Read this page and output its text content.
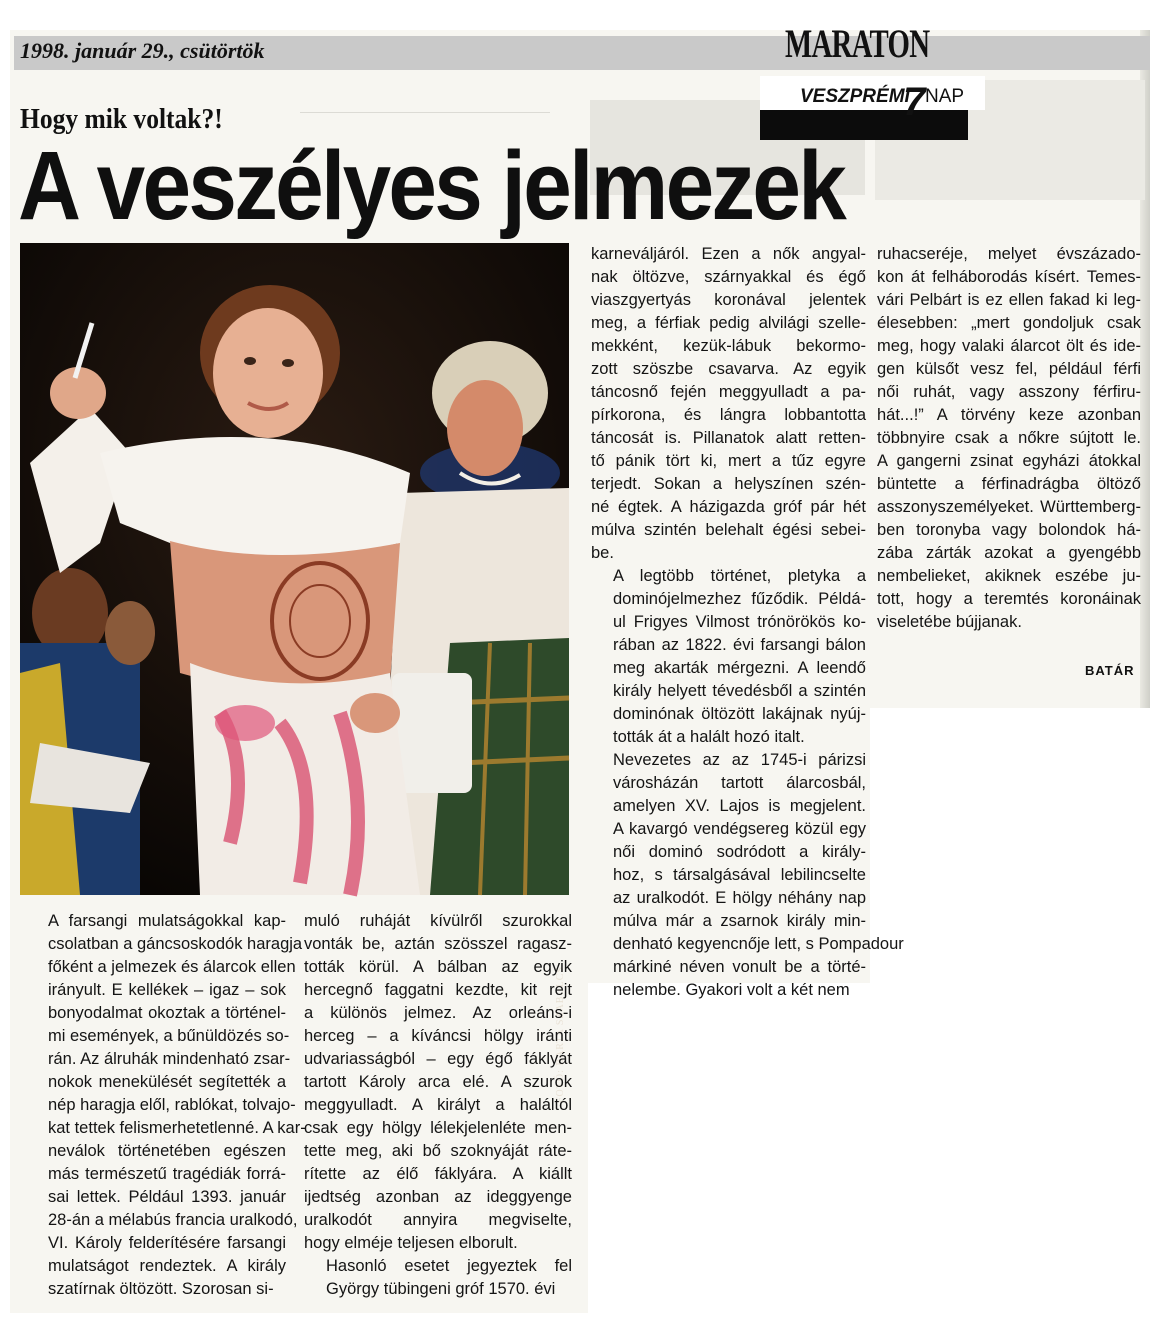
1998. január 29., csütörtök	MARATON
VESZPRÉMI
7 NAP
Hogy mik voltak?!
A veszélyes jelmezek
FOTÓ: BARTA SZABOLCS

A farsangi mulatságokkal kap-
csolatban a gáncsoskodók haragja
főként a jelmezek és álarcok ellen
irányult. E kellékek – igaz – sok
bonyodalmat okoztak a történel-
mi események, a bűnüldözés so-
rán. Az álruhák mindenható zsar-
nokok menekülését segítették a
nép haragja elől, rablókat, tolvajo-
kat tettek felismerhetetlenné. A kar-
neválok történetében egészen
más természetű tragédiák forrá-
sai lettek. Például 1393. január
28-án a mélabús francia uralkodó,
VI. Károly felderítésére farsangi
mulatságot rendeztek. A király
szatírnak öltözött. Szorosan si-

muló ruháját kívülről szurokkal
vonták be, aztán szösszel ragasz-
tották körül. A bálban az egyik
hercegnő faggatni kezdte, kit rejt
a különös jelmez. Az orleáns-i
herceg – a kíváncsi hölgy iránti
udvariasságból – egy égő fáklyát
tartott Károly arca elé. A szurok
meggyulladt. A királyt a haláltól
csak egy hölgy lélekjelenléte men-
tette meg, aki bő szoknyáját ráte-
rítette az élő fáklyára. A kiállt
ijedtség azonban az ideggyenge
uralkodót annyira megviselte,
hogy elméje teljesen elborult.

Hasonló esetet jegyeztek fel
György tübingeni gróf 1570. évi

karneváljáról. Ezen a nők angyal-
nak öltözve, szárnyakkal és égő
viaszgyertyás koronával jelentek
meg, a férfiak pedig alvilági szelle-
mekként, kezük-lábuk bekormo-
zott szöszbe csavarva. Az egyik
táncosnő fején meggyulladt a pa-
pírkorona, és lángra lobbantotta
táncosát is. Pillanatok alatt retten-
tő pánik tört ki, mert a tűz egyre
terjedt. Sokan a helyszínen szén-
né égtek. A házigazda gróf pár hét
múlva szintén belehalt égési sebei-
be.

A legtöbb történet, pletyka a
dominójelmezhez fűződik. Példá-
ul Frigyes Vilmost trónörökös ko-
rában az 1822. évi farsangi bálon
meg akarták mérgezni. A leendő
király helyett tévedésből a szintén
dominónak öltözött lakájnak nyúj-
tották át a halált hozó italt.

Nevezetes az az 1745-i párizsi
városházán tartott álarcosbál,
amelyen XV. Lajos is megjelent.
A kavargó vendégsereg közül egy
női dominó sodródott a király-
hoz, s társalgásával lebilincselte
az uralkodót. E hölgy néhány nap
múlva már a zsarnok király min-
denható kegyencnője lett, s Pompadour
márkiné néven vonult be a törté-
nelembe. Gyakori volt a két nem

ruhacseréje, melyet évszázado-
kon át felháborodás kísért. Temes-
vári Pelbárt is ez ellen fakad ki leg-
élesebben: „mert gondoljuk csak
meg, hogy valaki álarcot ölt és ide-
gen külsőt vesz fel, például férfi
női ruhát, vagy asszony férfiru-
hát...!” A törvény keze azonban
többnyire csak a nőkre sújtott le.
A gangerni zsinat egyházi átokkal
büntette a férfinadrágba öltöző
asszonyszemélyeket. Württemberg-
ben toronyba vagy bolondok há-
zába zárták azokat a gyengébb
nembelieket, akiknek eszébe ju-
tott, hogy a teremtés koronáinak
viseletébe bújjanak.

BATÁR
